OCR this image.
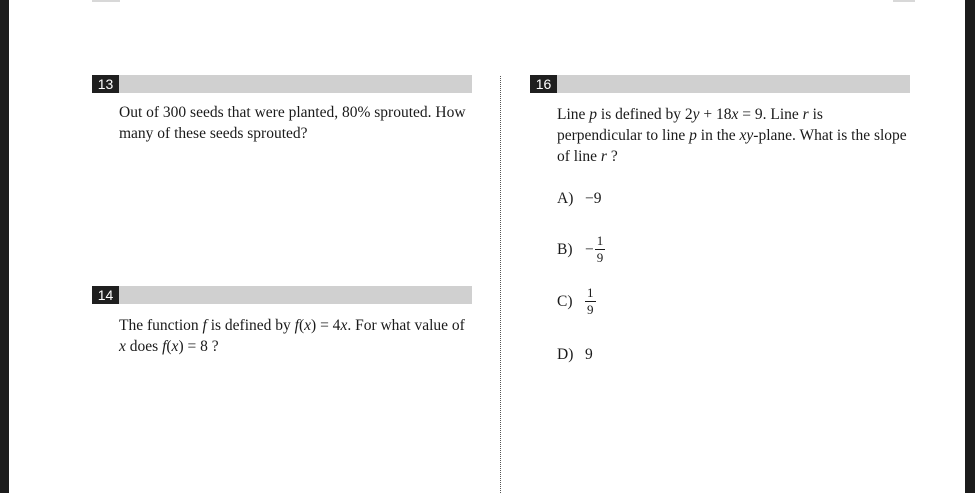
13
Out of 300 seeds that were planted, 80% sprouted. How many of these seeds sprouted?
14
The function f is defined by f(x) = 4x. For what value of x does f(x) = 8 ?
16
Line p is defined by 2y + 18x = 9. Line r is perpendicular to line p in the xy-plane. What is the slope of line r ?
A) −9
$B) - \frac{1}{9}$
$C) \frac{1}{9}$
D) 9
